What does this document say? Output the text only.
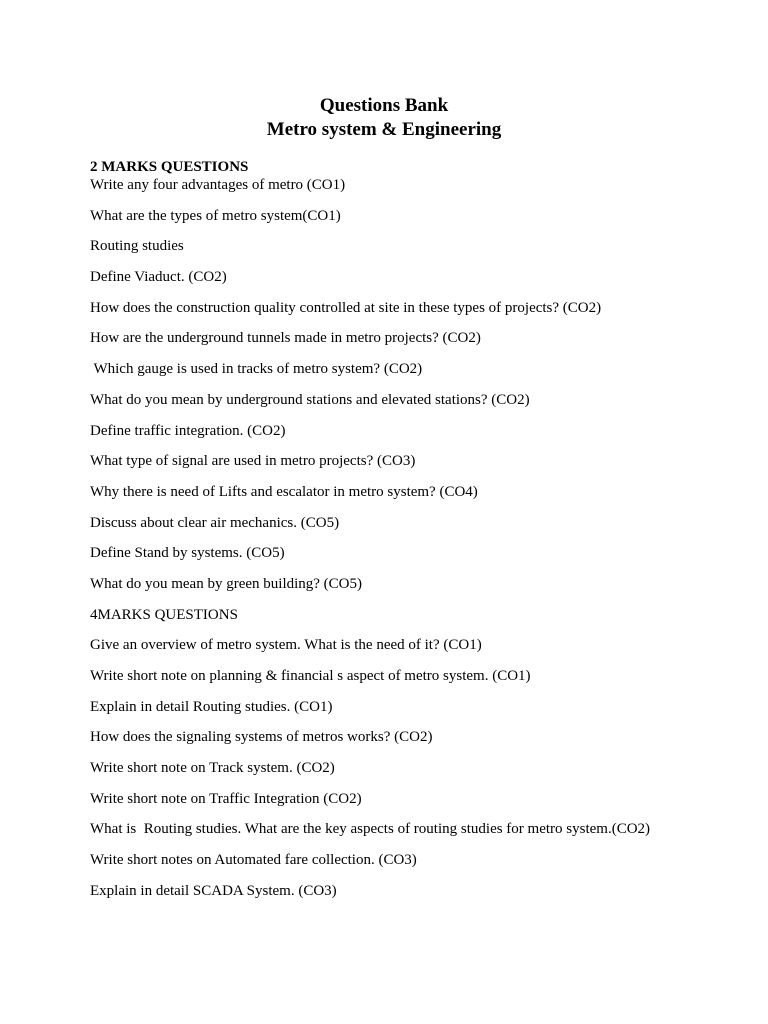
Questions Bank
Metro system & Engineering
2 MARKS QUESTIONS
Write any four advantages of metro (CO1)
What are the types of metro system(CO1)
Routing studies
Define Viaduct. (CO2)
How does the construction quality controlled at site in these types of projects? (CO2)
How are the underground tunnels made in metro projects? (CO2)
Which gauge is used in tracks of metro system? (CO2)
What do you mean by underground stations and elevated stations? (CO2)
Define traffic integration. (CO2)
What type of signal are used in metro projects? (CO3)
Why there is need of Lifts and escalator in metro system? (CO4)
Discuss about clear air mechanics. (CO5)
Define Stand by systems. (CO5)
What do you mean by green building? (CO5)
4MARKS QUESTIONS
Give an overview of metro system. What is the need of it? (CO1)
Write short note on planning & financial s aspect of metro system. (CO1)
Explain in detail Routing studies. (CO1)
How does the signaling systems of metros works? (CO2)
Write short note on Track system. (CO2)
Write short note on Traffic Integration (CO2)
What is  Routing studies. What are the key aspects of routing studies for metro system.(CO2)
Write short notes on Automated fare collection. (CO3)
Explain in detail SCADA System. (CO3)
